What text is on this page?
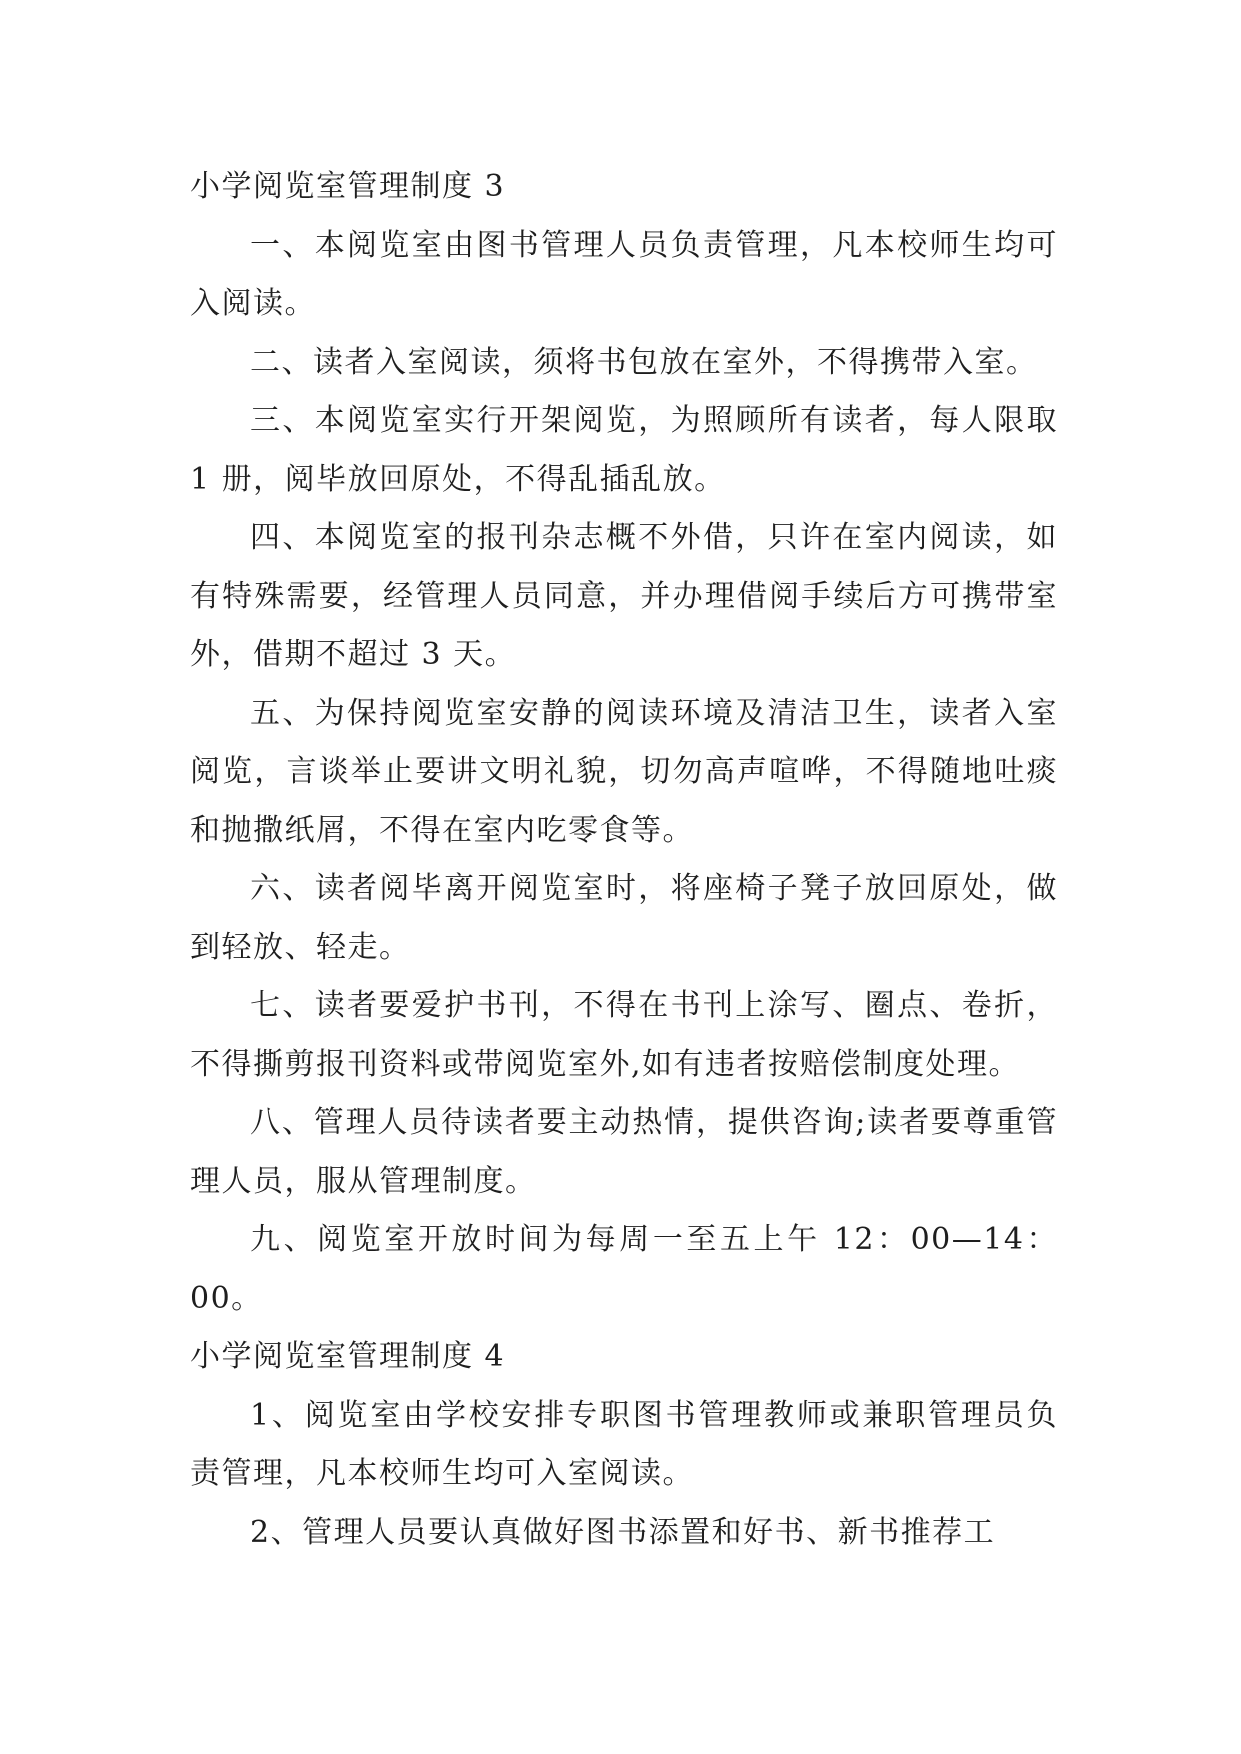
小学阅览室管理制度 3

一、本阅览室由图书管理人员负责管理，凡本校师生均可入阅读。

二、读者入室阅读，须将书包放在室外，不得携带入室。

三、本阅览室实行开架阅览，为照顾所有读者，每人限取 1 册，阅毕放回原处，不得乱插乱放。

四、本阅览室的报刊杂志概不外借，只许在室内阅读，如有特殊需要，经管理人员同意，并办理借阅手续后方可携带室外，借期不超过 3 天。

五、为保持阅览室安静的阅读环境及清洁卫生，读者入室阅览，言谈举止要讲文明礼貌，切勿高声喧哗，不得随地吐痰和抛撒纸屑，不得在室内吃零食等。

六、读者阅毕离开阅览室时，将座椅子凳子放回原处，做到轻放、轻走。

七、读者要爱护书刊，不得在书刊上涂写、圈点、卷折，不得撕剪报刊资料或带阅览室外,如有违者按赔偿制度处理。

八、管理人员待读者要主动热情，提供咨询;读者要尊重管理人员，服从管理制度。

九、阅览室开放时间为每周一至五上午 12：00—14：00。

小学阅览室管理制度 4

1、阅览室由学校安排专职图书管理教师或兼职管理员负责管理，凡本校师生均可入室阅读。

2、管理人员要认真做好图书添置和好书、新书推荐工
